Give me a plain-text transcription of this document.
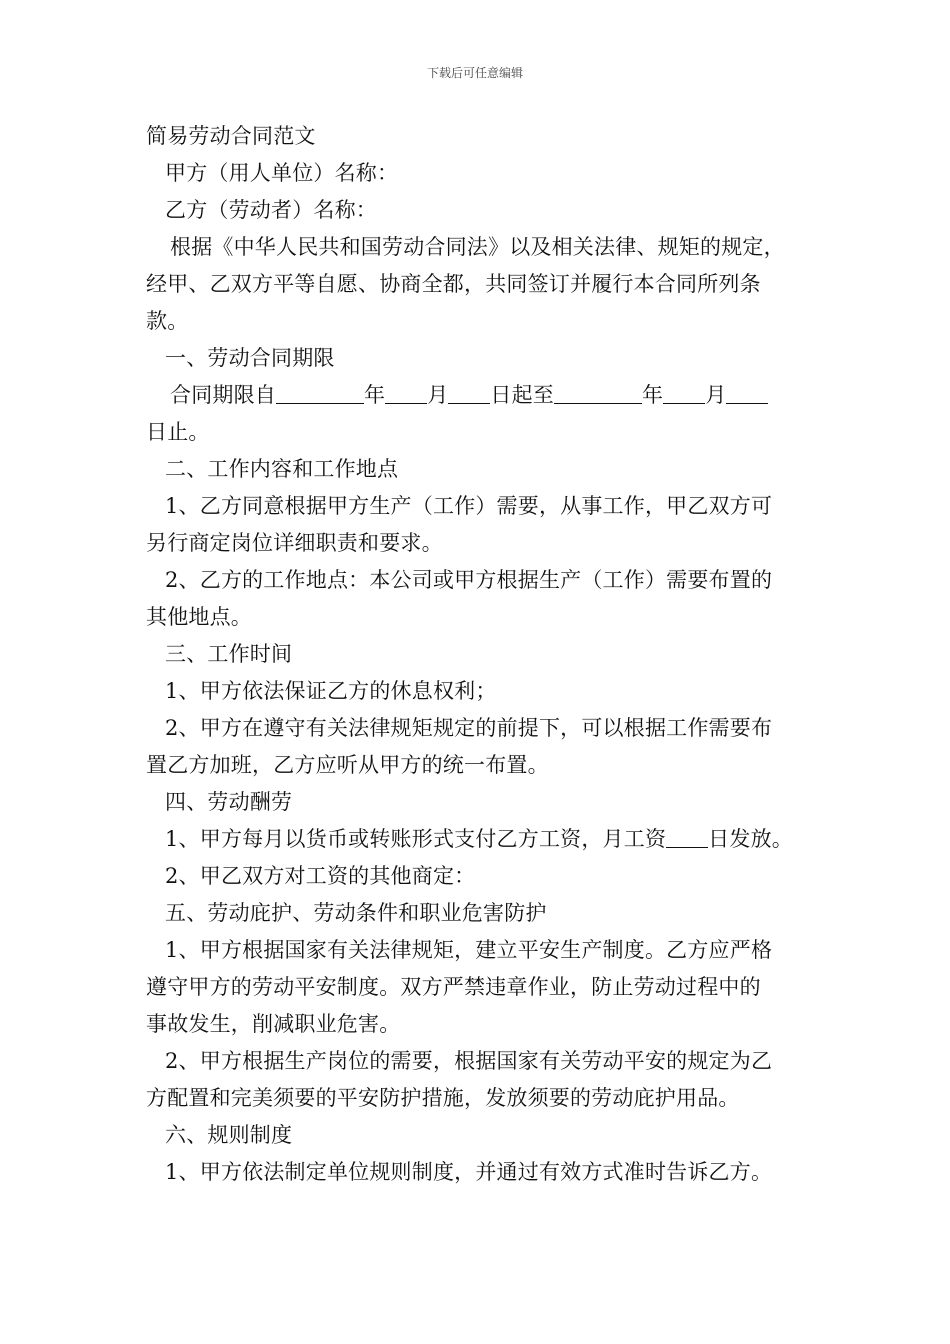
下载后可任意编辑
简易劳动合同范文
甲方（用人单位）名称：
乙方（劳动者）名称：
根据《中华人民共和国劳动合同法》以及相关法律、规矩的规定，
经甲、乙双方平等自愿、协商全都，共同签订并履行本合同所列条
款。
一、劳动合同期限
合同期限自	年 月 日起至	年 月
日止。
二、工作内容和工作地点
1、乙方同意根据甲方生产（工作）需要，从事工作，甲乙双方可
另行商定岗位详细职责和要求。
2、乙方的工作地点：本公司或甲方根据生产（工作）需要布置的
其他地点。
三、工作时间
1、甲方依法保证乙方的休息权利；
2、甲方在遵守有关法律规矩规定的前提下，可以根据工作需要布
置乙方加班，乙方应听从甲方的统一布置。
四、劳动酬劳
1、甲方每月以货币或转账形式支付乙方工资，月工资 日发放。
2、甲乙双方对工资的其他商定：
五、劳动庇护、劳动条件和职业危害防护
1、甲方根据国家有关法律规矩，建立平安生产制度。乙方应严格
遵守甲方的劳动平安制度。双方严禁违章作业，防止劳动过程中的
事故发生，削减职业危害。
2、甲方根据生产岗位的需要，根据国家有关劳动平安的规定为乙
方配置和完美须要的平安防护措施，发放须要的劳动庇护用品。
六、规则制度
1、甲方依法制定单位规则制度，并通过有效方式准时告诉乙方。
